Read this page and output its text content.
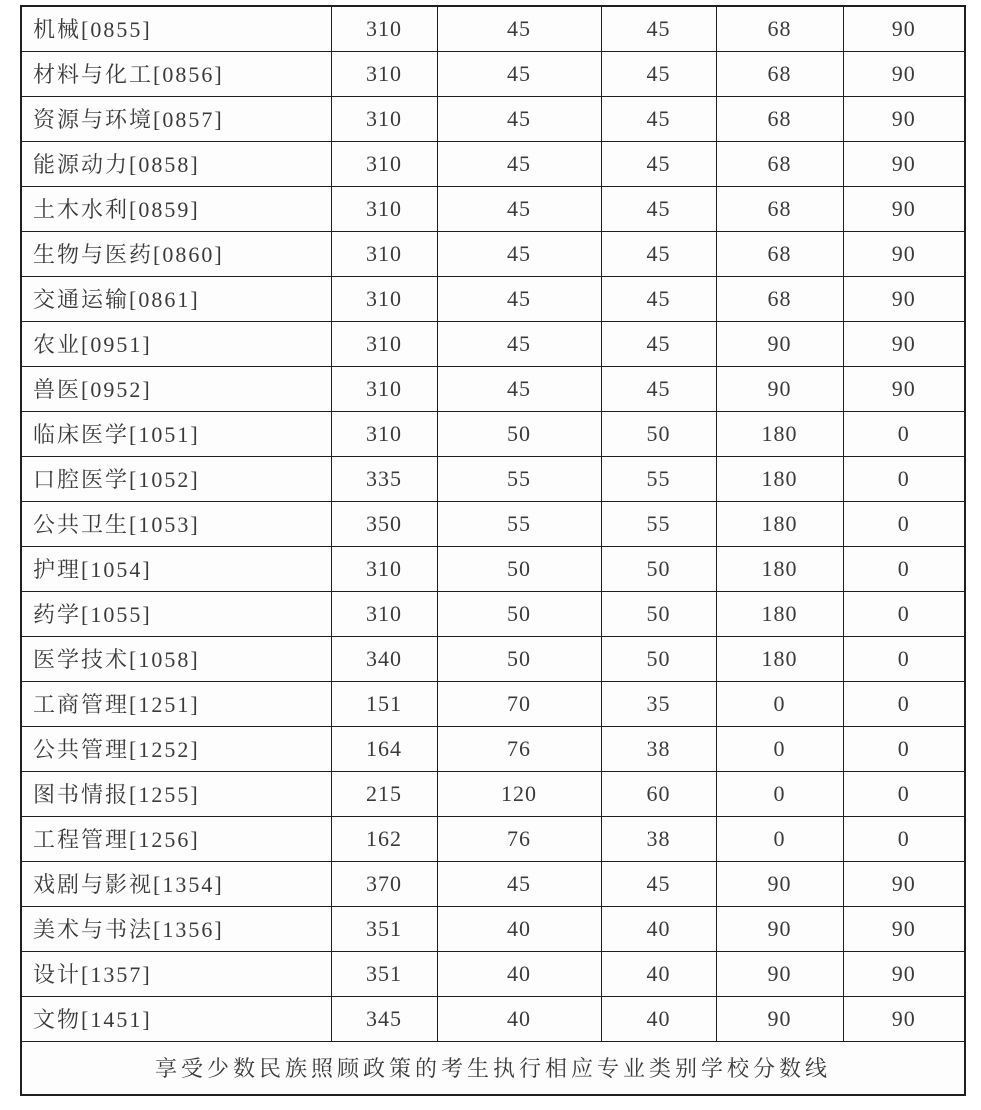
机械[0855]	310	45	45	68	90
材料与化工[0856]	310	45	45	68	90
资源与环境[0857]	310	45	45	68	90
能源动力[0858]	310	45	45	68	90
土木水利[0859]	310	45	45	68	90
生物与医药[0860]	310	45	45	68	90
交通运输[0861]	310	45	45	68	90
农业[0951]	310	45	45	90	90
兽医[0952]	310	45	45	90	90
临床医学[1051]	310	50	50	180	0
口腔医学[1052]	335	55	55	180	0
公共卫生[1053]	350	55	55	180	0
护理[1054]	310	50	50	180	0
药学[1055]	310	50	50	180	0
医学技术[1058]	340	50	50	180	0
工商管理[1251]	151	70	35	0	0
公共管理[1252]	164	76	38	0	0
图书情报[1255]	215	120	60	0	0
工程管理[1256]	162	76	38	0	0
戏剧与影视[1354]	370	45	45	90	90
美术与书法[1356]	351	40	40	90	90
设计[1357]	351	40	40	90	90
文物[1451]	345	40	40	90	90
享受少数民族照顾政策的考生执行相应专业类别学校分数线					
